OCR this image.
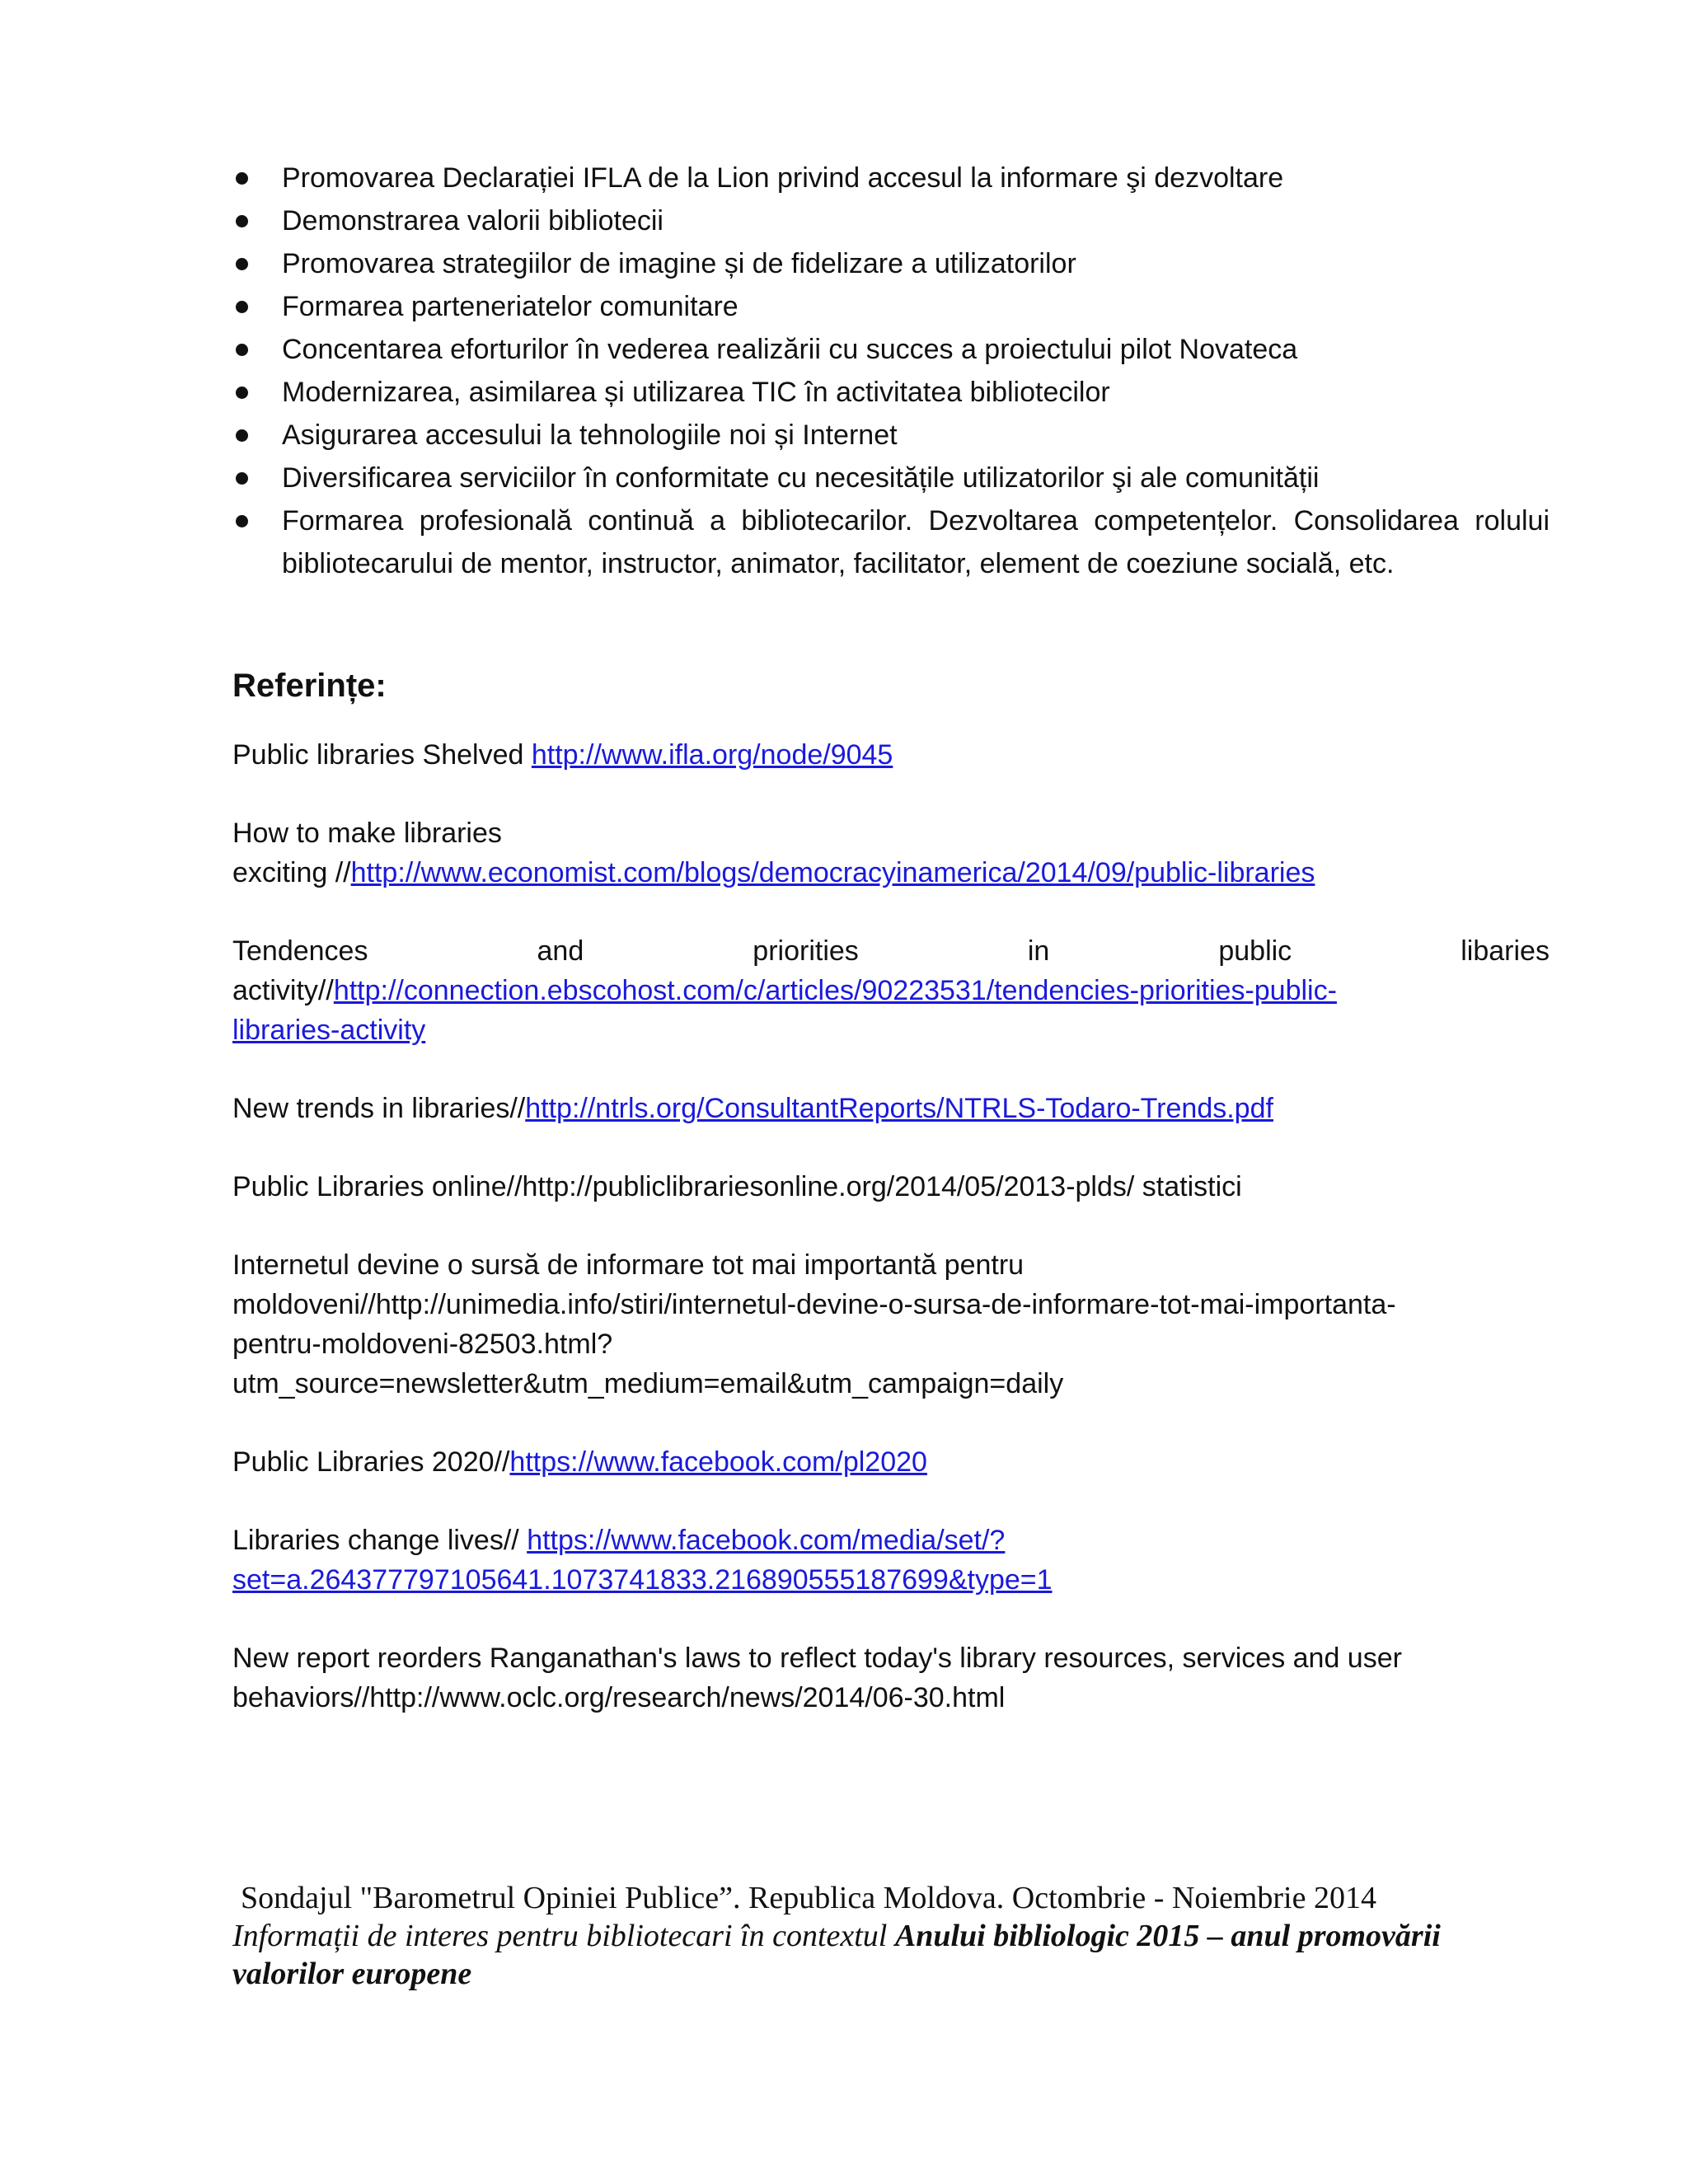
Promovarea Declarației IFLA de la Lion privind accesul la informare şi dezvoltare
Demonstrarea valorii bibliotecii
Promovarea strategiilor de imagine și de fidelizare a utilizatorilor
Formarea parteneriatelor comunitare
Concentarea eforturilor în vederea realizării cu succes a proiectului pilot Novateca
Modernizarea, asimilarea și utilizarea TIC în activitatea bibliotecilor
Asigurarea accesului la tehnologiile noi și Internet
Diversificarea serviciilor în conformitate cu necesitățile utilizatorilor şi ale comunității
Formarea profesională continuă a bibliotecarilor. Dezvoltarea competențelor. Consolidarea rolului bibliotecarului de mentor, instructor, animator, facilitator, element de coeziune socială, etc.
Referințe:
Public libraries Shelved http://www.ifla.org/node/9045
How to make libraries
exciting //http://www.economist.com/blogs/democracyinamerica/2014/09/public-libraries
Tendences	and	priorities	in	public	libaries
activity//http://connection.ebscohost.com/c/articles/90223531/tendencies-priorities-public-
libraries-activity
New trends in libraries//http://ntrls.org/ConsultantReports/NTRLS-Todaro-Trends.pdf
Public Libraries online//http://publiclibrariesonline.org/2014/05/2013-plds/ statistici
Internetul devine o sursă de informare tot mai importantă pentru
moldoveni//http://unimedia.info/stiri/internetul-devine-o-sursa-de-informare-tot-mai-importanta-
pentru-moldoveni-82503.html?
utm_source=newsletter&utm_medium=email&utm_campaign=daily
Public Libraries 2020//https://www.facebook.com/pl2020
Libraries change lives// https://www.facebook.com/media/set/?
set=a.264377797105641.1073741833.216890555187699&type=1
New report reorders Ranganathan's laws to reflect today's library resources, services and user
behaviors//http://www.oclc.org/research/news/2014/06-30.html
Sondajul "Barometrul Opiniei Publice”. Republica Moldova. Octombrie - Noiembrie 2014
Informații de interes pentru bibliotecari în contextul Anului bibliologic 2015 – anul promovării
valorilor europene
